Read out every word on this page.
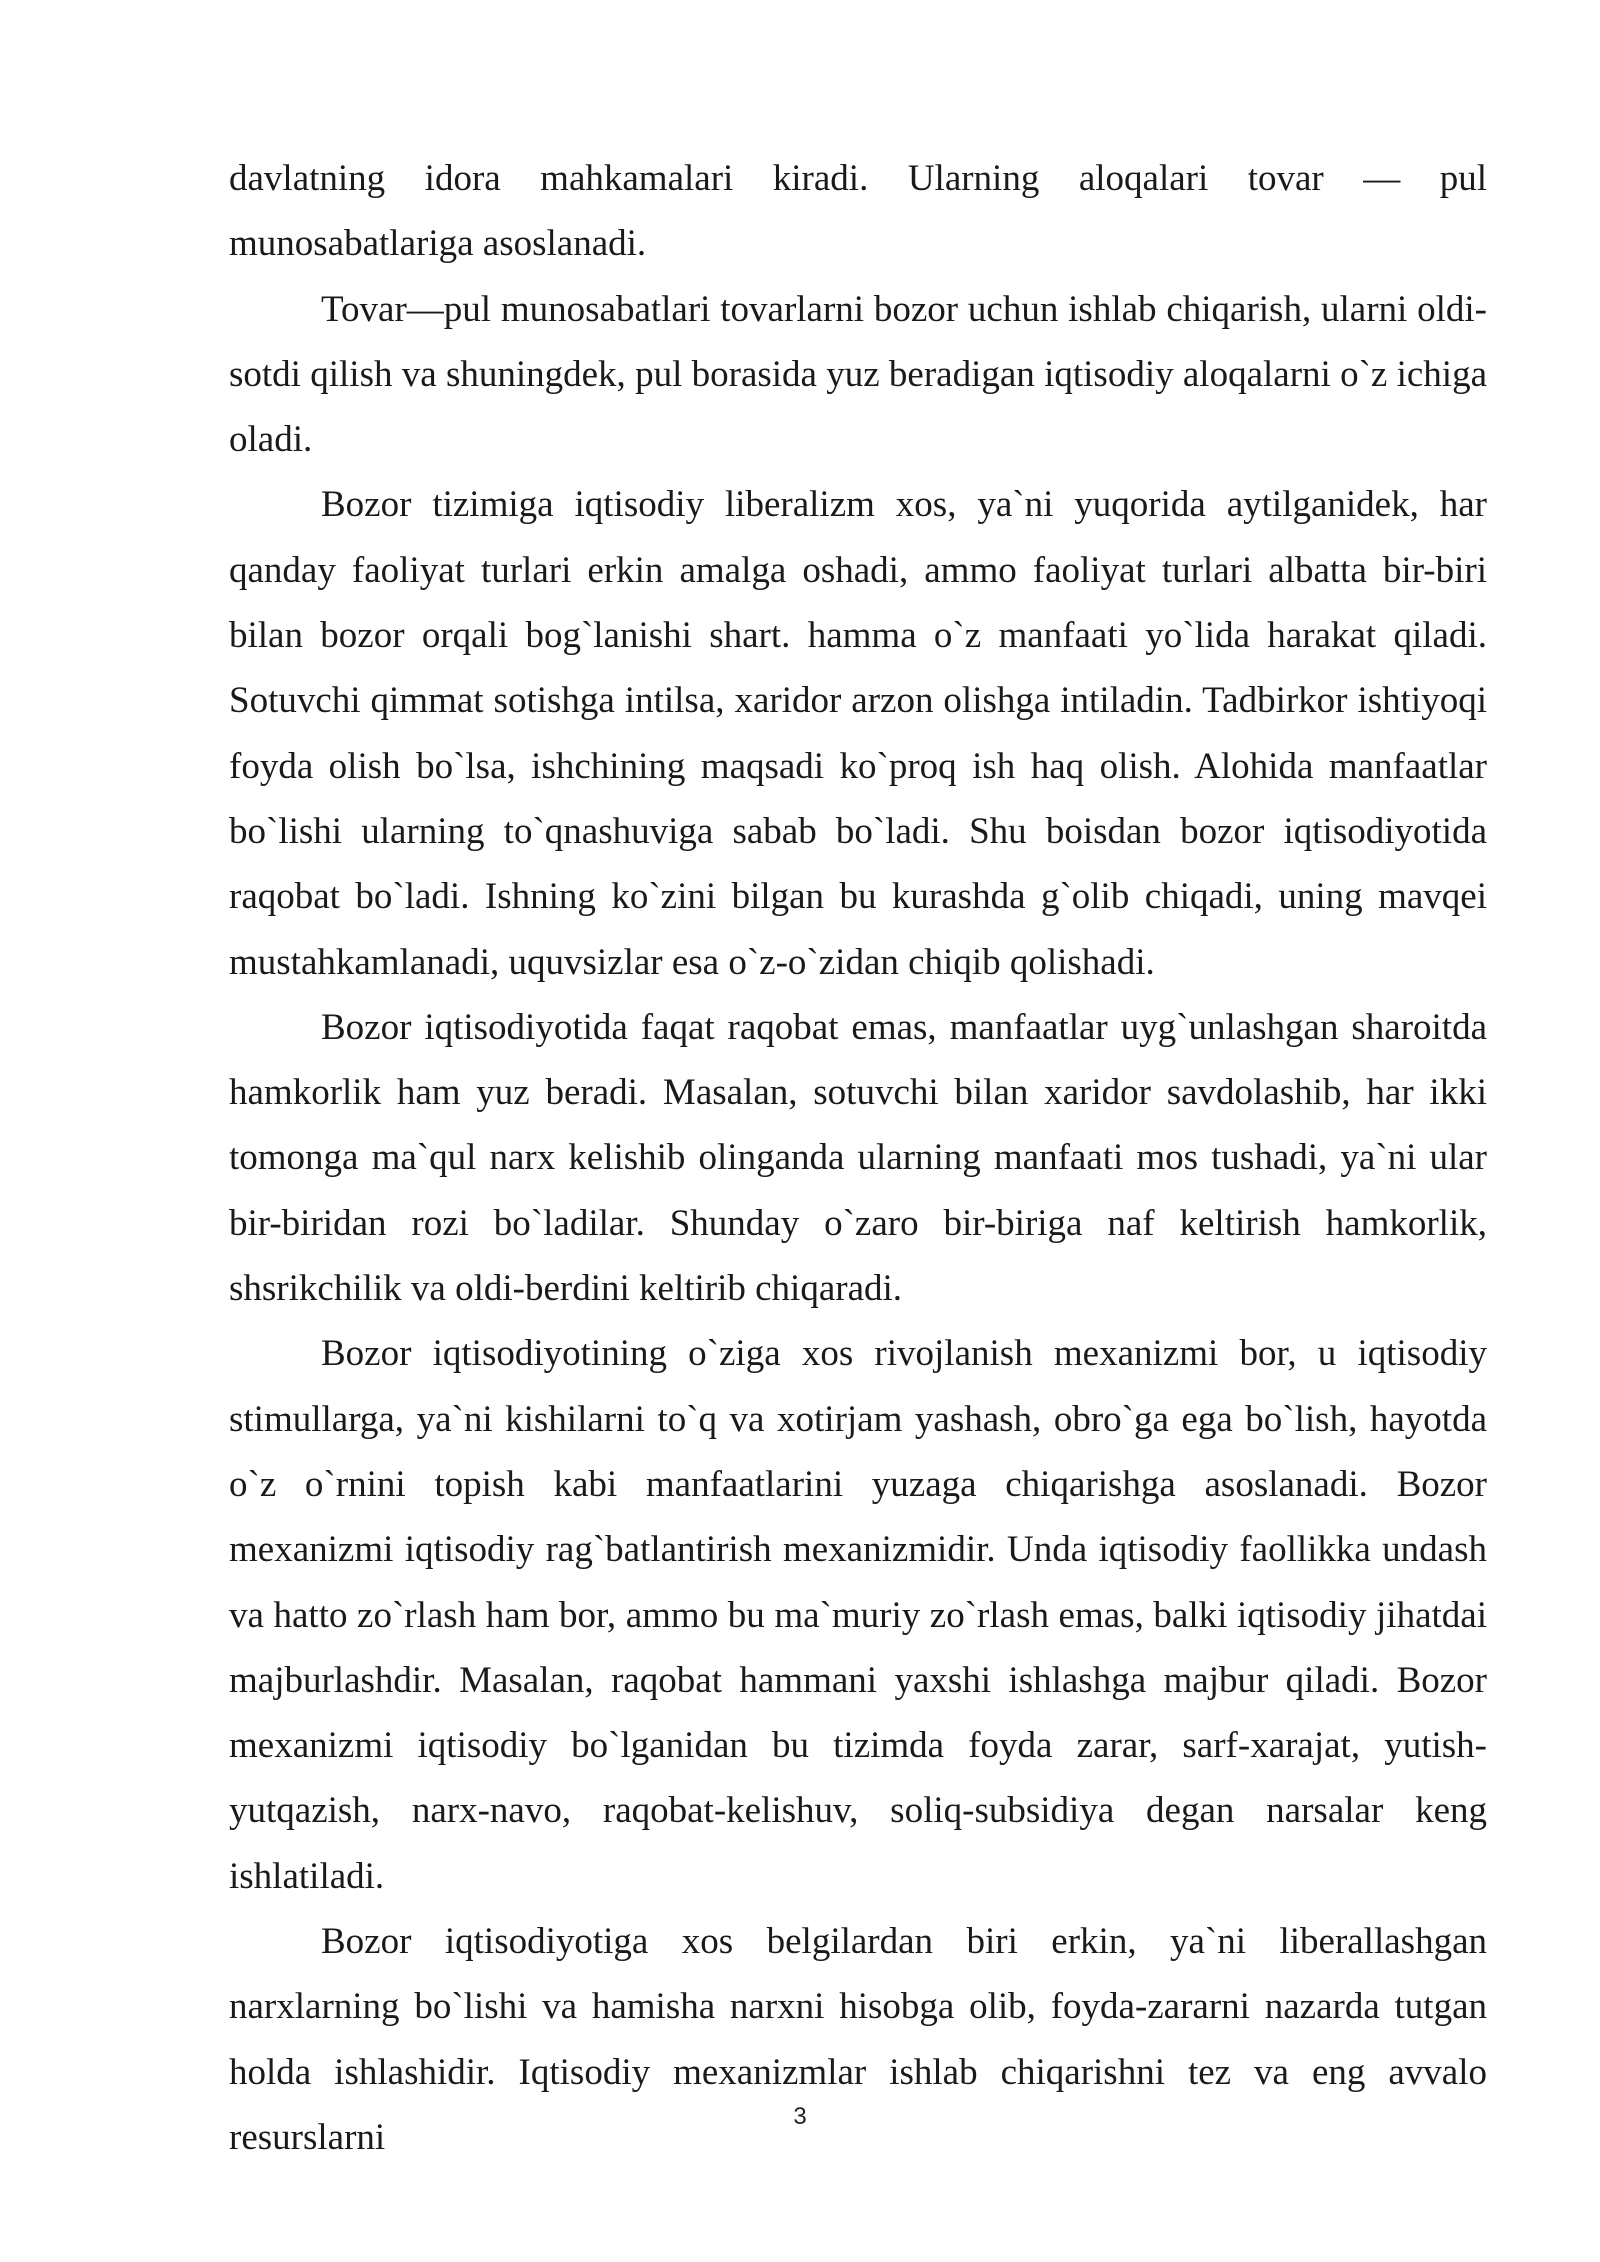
davlatning idora mahkamalari kiradi. Ularning aloqalari tovar — pul munosabatlariga asoslanadi.

Tovar—pul munosabatlari tovarlarni bozor uchun ishlab chiqarish, ularni oldi-sotdi qilish va shuningdek, pul borasida yuz beradigan iqtisodiy aloqalarni o`z ichiga oladi.

Bozor tizimiga iqtisodiy liberalizm xos, ya`ni yuqorida aytilganidek, har qanday faoliyat turlari erkin amalga oshadi, ammo faoliyat turlari albatta bir-biri bilan bozor orqali bog`lanishi shart. hamma o`z manfaati yo`lida harakat qiladi. Sotuvchi qimmat sotishga intilsa, xaridor arzon olishga intiladin. Tadbirkor ishtiyoqi foyda olish bo`lsa, ishchining maqsadi ko`proq ish haq olish. Alohida manfaatlar bo`lishi ularning to`qnashuviga sabab bo`ladi. Shu boisdan bozor iqtisodiyotida raqobat bo`ladi. Ishning ko`zini bilgan bu kurashda g`olib chiqadi, uning mavqei mustahkamlanadi, uquvsizlar esa o`z-o`zidan chiqib qolishadi.

Bozor iqtisodiyotida faqat raqobat emas, manfaatlar uyg`unlashgan sharoitda hamkorlik ham yuz beradi. Masalan, sotuvchi bilan xaridor savdolashib, har ikki tomonga ma`qul narx kelishib olinganda ularning manfaati mos tushadi, ya`ni ular bir-biridan rozi bo`ladilar. Shunday o`zaro bir-biriga naf keltirish hamkorlik, shsrikchilik va oldi-berdini keltirib chiqaradi.

Bozor iqtisodiyotining o`ziga xos rivojlanish mexanizmi bor, u iqtisodiy stimullarga, ya`ni kishilarni to`q va xotirjam yashash, obro`ga ega bo`lish, hayotda o`z o`rnini topish kabi manfaatlarini yuzaga chiqarishga asoslanadi. Bozor mexanizmi iqtisodiy rag`batlantirish mexanizmidir. Unda iqtisodiy faollikka undash va hatto zo`rlash ham bor, ammo bu ma`muriy zo`rlash emas, balki iqtisodiy jihatdai majburlashdir. Masalan, raqobat hammani yaxshi ishlashga majbur qiladi. Bozor mexanizmi iqtisodiy bo`lganidan bu tizimda foyda zarar, sarf-xarajat, yutish-yutqazish, narx-navo, raqobat-kelishuv, soliq-subsidiya degan narsalar keng ishlatiladi.

Bozor iqtisodiyotiga xos belgilardan biri erkin, ya`ni liberallashgan narxlarning bo`lishi va hamisha narxni hisobga olib, foyda-zararni nazarda tutgan holda ishlashidir. Iqtisodiy mexanizmlar ishlab chiqarishni tez va eng avvalo resurslarni

3
